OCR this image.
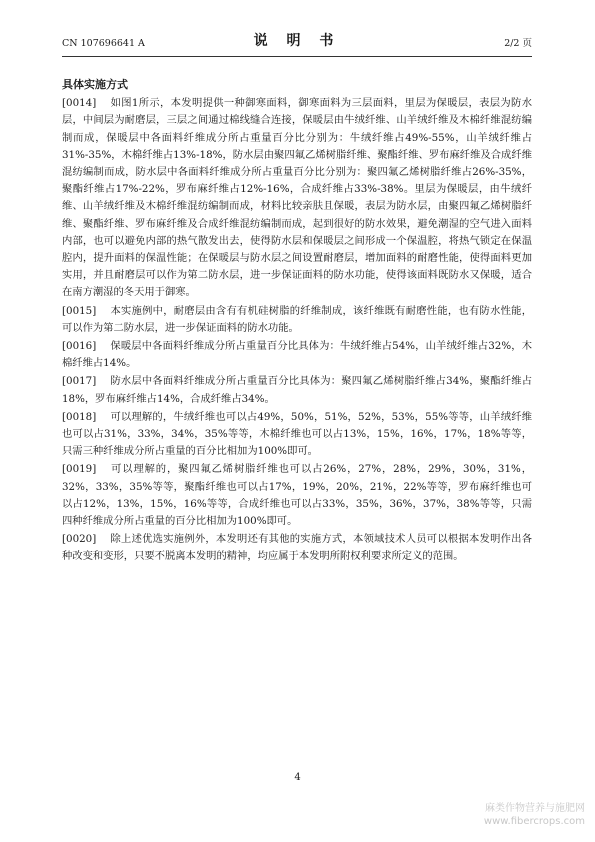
CN 107696641 A	说 明 书	2/2 页
具体实施方式

[0014] 如图1所示，本发明提供一种御寒面料，御寒面料为三层面料，里层为保暖层，表层为防水层，中间层为耐磨层，三层之间通过棉线缝合连接，保暖层由牛绒纤维、山羊绒纤维及木棉纤维混纺编制而成，保暖层中各面料纤维成分所占重量百分比分别为：牛绒纤维占49%-55%，山羊绒纤维占31%-35%，木棉纤维占13%-18%，防水层由聚四氟乙烯树脂纤维、聚酯纤维、罗布麻纤维及合成纤维混纺编制而成，防水层中各面料纤维成分所占重量百分比分别为：聚四氟乙烯树脂纤维占26%-35%，聚酯纤维占17%-22%，罗布麻纤维占12%-16%，合成纤维占33%-38%。里层为保暖层，由牛绒纤维、山羊绒纤维及木棉纤维混纺编制而成，材料比较亲肤且保暖，表层为防水层，由聚四氟乙烯树脂纤维、聚酯纤维、罗布麻纤维及合成纤维混纺编制而成，起到很好的防水效果，避免潮湿的空气进入面料内部，也可以避免内部的热气散发出去，使得防水层和保暖层之间形成一个保温腔，将热气锁定在保温腔内，提升面料的保温性能；在保暖层与防水层之间设置耐磨层，增加面料的耐磨性能，使得面料更加实用，并且耐磨层可以作为第二防水层，进一步保证面料的防水功能，使得该面料既防水又保暖，适合在南方潮湿的冬天用于御寒。

[0015] 本实施例中，耐磨层由含有有机硅树脂的纤维制成，该纤维既有耐磨性能，也有防水性能，可以作为第二防水层，进一步保证面料的防水功能。

[0016] 保暖层中各面料纤维成分所占重量百分比具体为：牛绒纤维占54%，山羊绒纤维占32%，木棉纤维占14%。

[0017] 防水层中各面料纤维成分所占重量百分比具体为：聚四氟乙烯树脂纤维占34%，聚酯纤维占18%，罗布麻纤维占14%，合成纤维占34%。

[0018] 可以理解的，牛绒纤维也可以占49%，50%，51%，52%，53%，55%等等，山羊绒纤维也可以占31%，33%，34%，35%等等，木棉纤维也可以占13%，15%，16%，17%，18%等等，只需三种纤维成分所占重量的百分比相加为100%即可。

[0019] 可以理解的，聚四氟乙烯树脂纤维也可以占26%，27%，28%，29%，30%，31%，32%，33%，35%等等，聚酯纤维也可以占17%，19%，20%，21%，22%等等，罗布麻纤维也可以占12%，13%，15%，16%等等，合成纤维也可以占33%，35%，36%，37%，38%等等，只需四种纤维成分所占重量的百分比相加为100%即可。

[0020] 除上述优选实施例外，本发明还有其他的实施方式，本领域技术人员可以根据本发明作出各种改变和变形，只要不脱离本发明的精神，均应属于本发明所附权利要求所定义的范围。

4
麻类作物营养与施肥网
www.fibercrops.com
